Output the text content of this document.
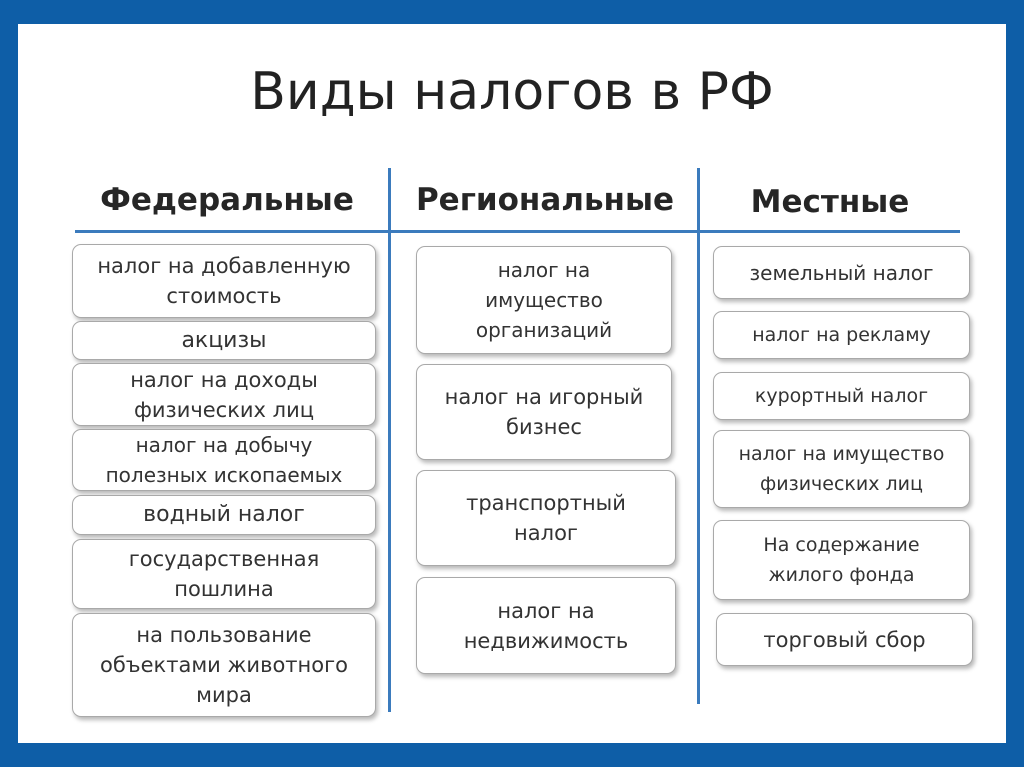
Виды налогов в РФ
Федеральные	Региональные	Местные
налог на добавленную
стоимость
акцизы
налог на доходы
физических лиц
налог на добычу
полезных ископаемых
водный налог
государственная
пошлина
на пользование
объектами животного
мира
налог на
имущество
организаций
налог на игорный
бизнес
транспортный
налог
налог на
недвижимость
земельный налог
налог на рекламу
курортный налог
налог на имущество
физических лиц
На содержание
жилого фонда
торговый сбор
